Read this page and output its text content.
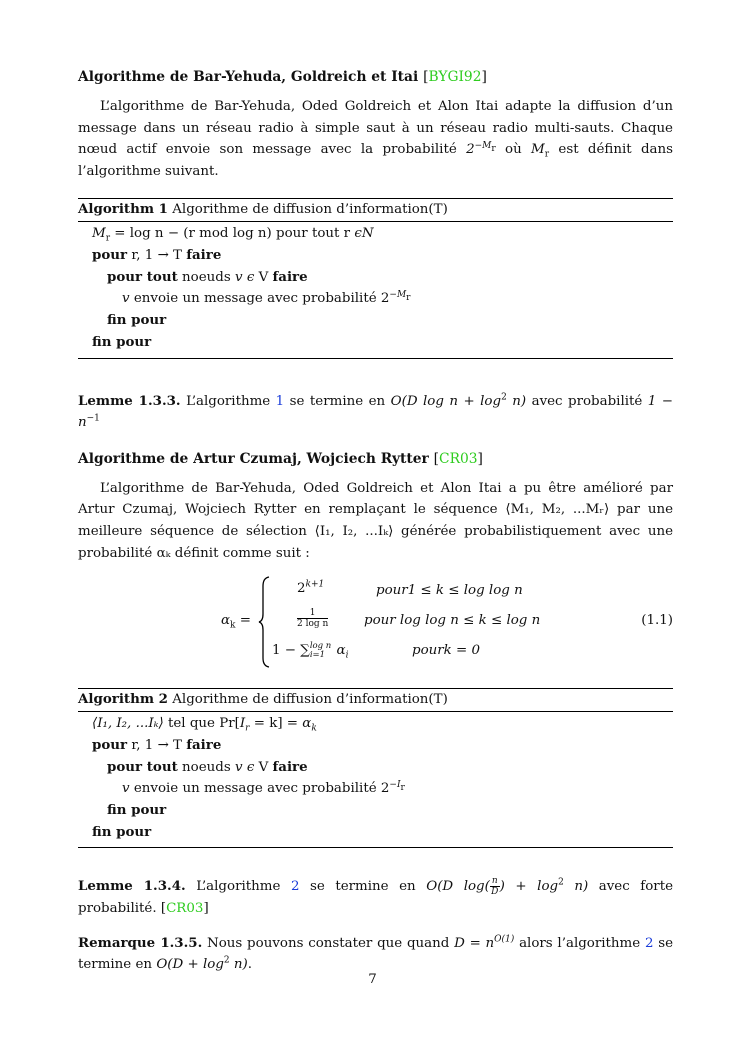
Algorithme de Bar-Yehuda, Goldreich et Itai [BYGI92]

L’algorithme de Bar-Yehuda, Oded Goldreich et Alon Itai adapte la diffusion d’un message dans un réseau radio à simple saut à un réseau radio multi-sauts. Chaque nœud actif envoie son message avec la probabilité $2^{-Mr}$ où $M_r$ est définit dans l’algorithme suivant.

Algorithm 1 Algorithme de diffusion d’information(T)
$M_r = \log n - (r$ mod log n) pour tout r ϵN
pour r, 1 → T faire
pour tout noeuds v ϵ V faire
v envoie un message avec probabilité $2^{-Mr}$
fin pour
fin pour

Lemme 1.3.3. L’algorithme 1 se termine en O(D $\log n + \log^2 n$) avec probabilité $1 - n^{-1}$

Algorithme de Artur Czumaj, Wojciech Rytter [CR03]

L’algorithme de Bar-Yehuda, Oded Goldreich et Alon Itai a pu être amélioré par Artur Czumaj, Wojciech Rytter en remplaçant le séquence ⟨M₁, M₂, ...Mᵣ⟩ par une meilleure séquence de sélection ⟨I₁, I₂, ...Iₖ⟩ générée probabilistiquement avec une probabilité αₖ définit comme suit :

$\alpha_k$ =
$2^{k+1}$	pour1 ≤ k ≤ log log n
$\frac{1}{\text{2 log n}}$	pour log log n ≤ k ≤ log n
1 − ∑ log n
i=1 $\alpha_i$	pourk = 0
(1.1)
Algorithm 2 Algorithme de diffusion d’information(T)
⟨I₁, I₂, ...Iₖ⟩ tel que $Pr[I_r = k] = \alpha_k$
pour r, 1 → T faire
pour tout noeuds v ϵ V faire
v envoie un message avec probabilité $2^{-Ir}$
fin pour
fin pour

Lemme 1.3.4. L’algorithme 2 se termine en O(D $\log( \frac{n}{D}$ ) + $\log^2 n$) avec forte probabilité. [CR03]

Remarque 1.3.5. Nous pouvons constater que quand $D = n^{O(1)}$ alors l’algorithme 2 se termine en $O(D + \log^2 n)$.

7
